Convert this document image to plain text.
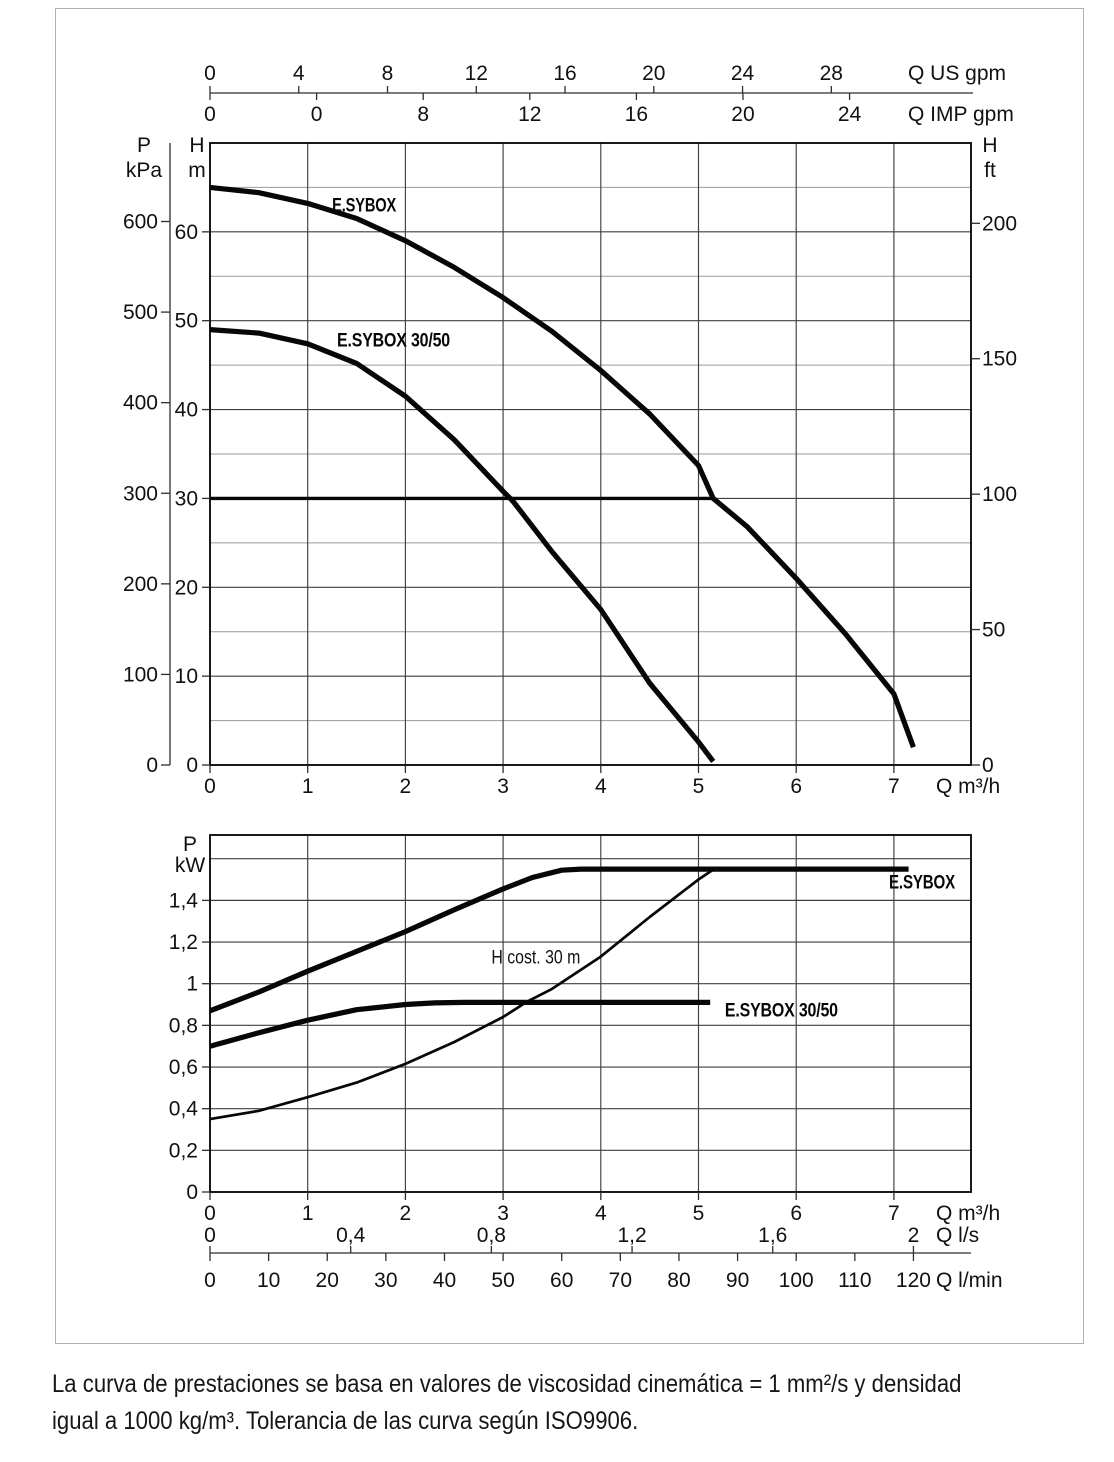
0	1	2	3	4	5	6	7 Q m³/h
0
100
200
300
400
500
600
P
kPa
0
10
20
30
40
50
60
H
m
0
50
100
150
200
H
ft
0	4	8	12	16	20	24	28	Q US gpm
0	0	8	12	16	20	24 Q IMP gpm
E.SYBOX
E.SYBOX 30/50
0
0,2
0,4
0,6
0,8
1
1,2
1,4
P
kW
0	1	2	3	4	5	6	7 Q m³/h
0	0,4	0,8	1,2	1,6	2 Q l/s
0 10 20 30 40 50 60 70 80 90 100 110 120 Q l/min
E.SYBOX
E.SYBOX 30/50
H cost. 30 m
La curva de prestaciones se basa en valores de viscosidad cinemática = 1 mm²/s y densidad
igual a 1000 kg/m³. Tolerancia de las curva según ISO9906.
